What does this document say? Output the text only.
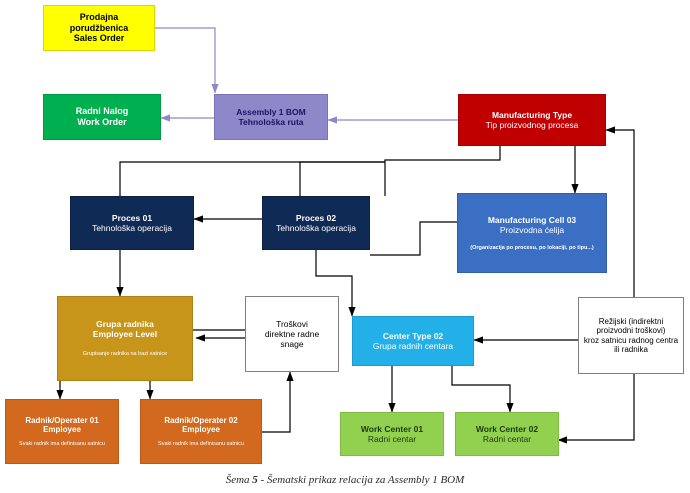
Prodajna
porudžbenica
Sales Order
Radni Nalog
Work Order
Assembly 1 BOM
Tehnološka ruta
Manufacturing Type
Tip proizvodnog procesa
Proces 01
Tehnološka operacija
Proces 02
Tehnološka operacija
Manufacturing Cell 03
Proizvodna ćelija
(Organizacija po procesu, po lokaciji, po tipu...)
Grupa radnika
Employee Level
Grupisanje radnika na bazi satnice
Troškovi
direktne radne
snage
Center Type 02
Grupa radnih centara
Režijski (indirektni
proizvodni troškovi)
kroz satnicu radnog centra ili radnika
Radnik/Operater 01
Employee
Svaki radnik ima definisanu satnicu
Radnik/Operater 02
Employee
Svaki radnik ima definisanu satnicu
Work Center 01
Radni centar
Work Center 02
Radni centar
Šema 5 - Šematski prikaz relacija za Assembly 1 BOM
